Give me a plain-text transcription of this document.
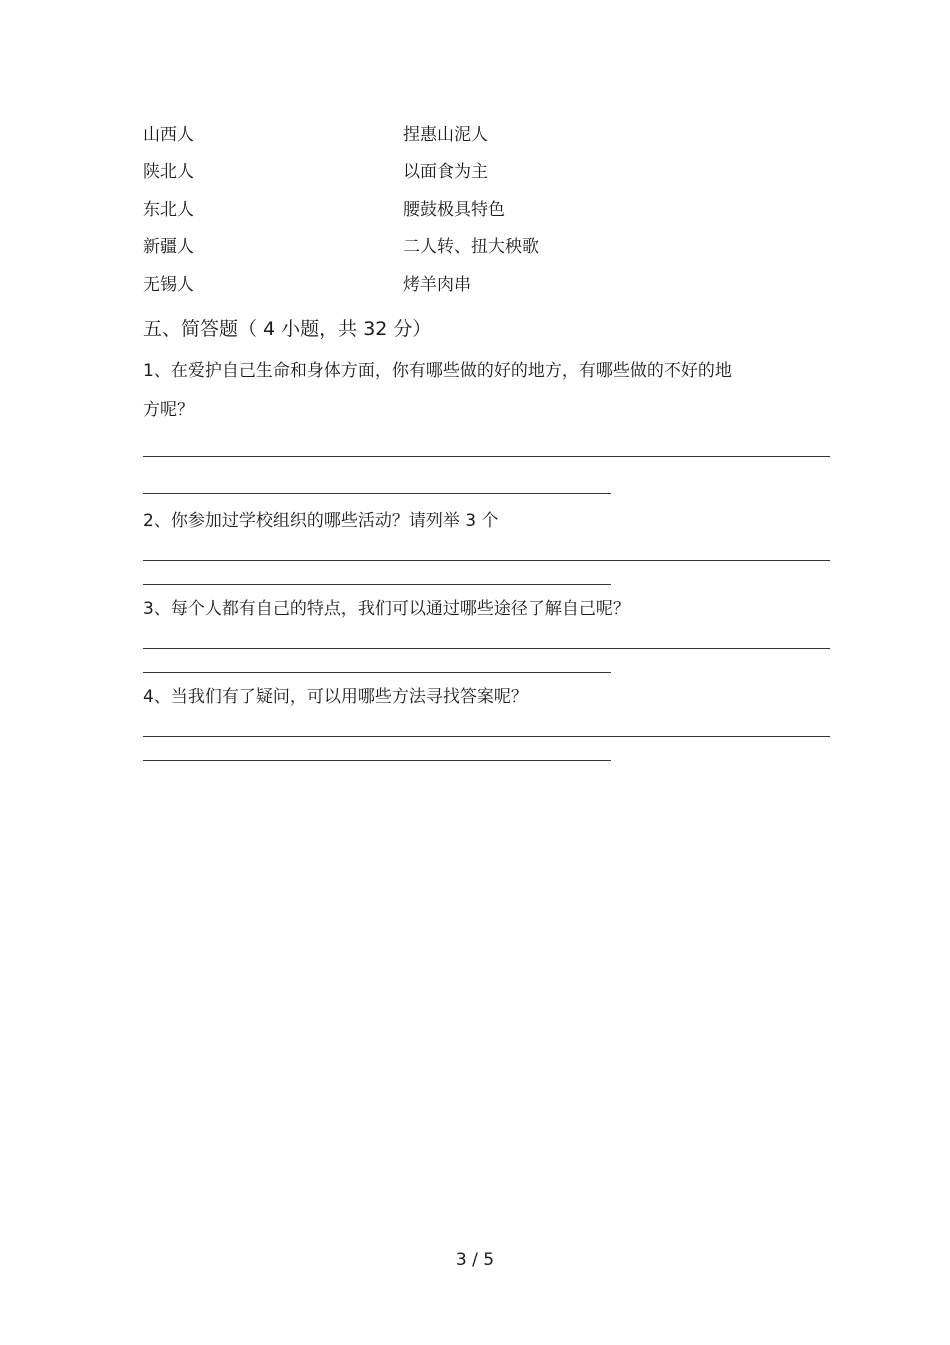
山西人	捏惠山泥人
陕北人	以面食为主
东北人	腰鼓极具特色
新疆人	二人转、扭大秧歌
无锡人	烤羊肉串
五、简答题（ 4 小题，共 32 分）
1、在爱护自己生命和身体方面，你有哪些做的好的地方，有哪些做的不好的地
方呢？
2、你参加过学校组织的哪些活动？请列举 3 个
3、每个人都有自己的特点，我们可以通过哪些途径了解自己呢？
4、当我们有了疑问，可以用哪些方法寻找答案呢？
3 / 5
